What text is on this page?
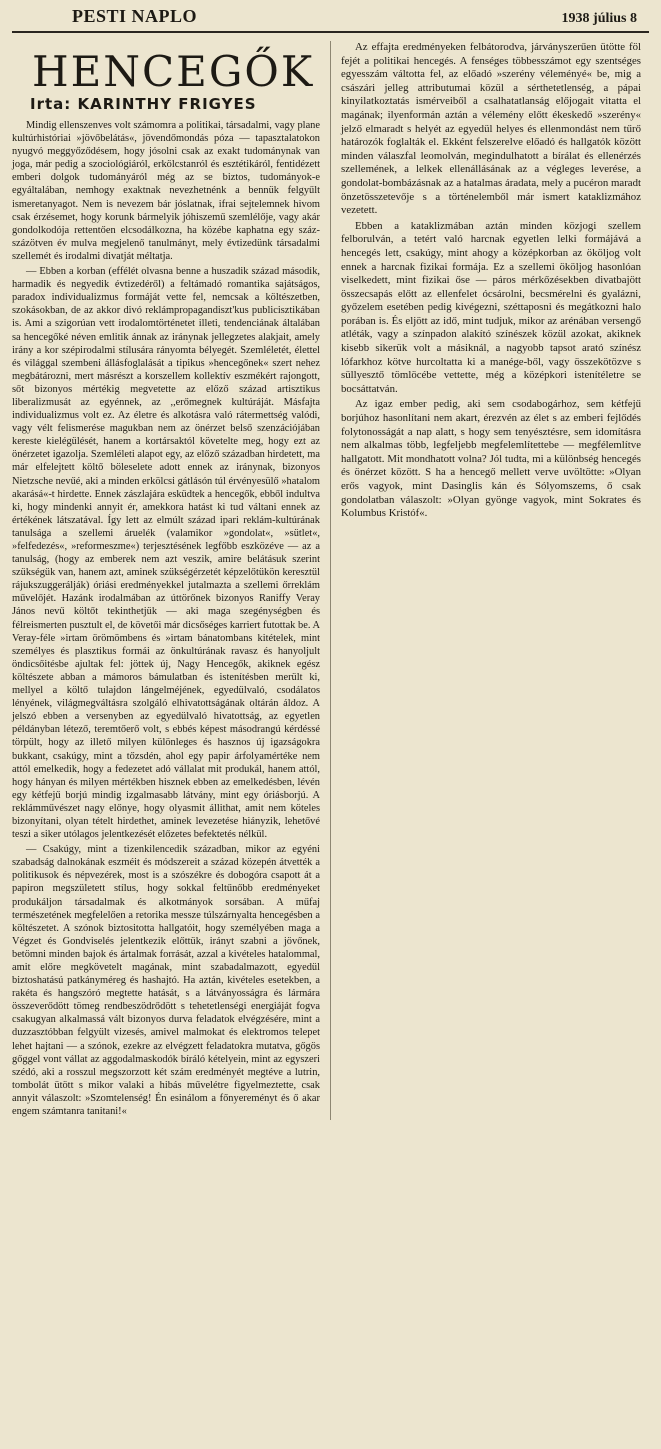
PESTI NAPLO	1938 július 8
HENCEGŐK
Irta: KARINTHY FRIGYES

Mindig ellenszenves volt számomra a politikai, társadalmi, vagy plane kultúrhistóriai »jövőbelátás«, jövendőmondás póza — tapasztalatokon nyugvó meggyőződésem, hogy jósolni csak az exakt tudománynak van joga, már pedig a szociológiáról, erkölcstanról és esztétikáról, fentidézett emberi dolgok tudományáról még az se biztos, tudományok-e egyáltalában, nemhogy exaktnak nevezhetnénk a bennük felgyűlt ismeretanyagot. Nem is nevezem bár jóslatnak, ifrai sejtelemnek hivom csak érzésemet, hogy korunk bármelyik jóhiszemű szemlélője, vagy akár gondolkodója rettentően elcsodálkozna, ha közébe kaphatna egy száz-százötven év mulva megjelenő tanulmányt, mely évtizedünk társadalmi szellemét és irodalmi divatját méltatja.

— Ebben a korban (effélét olvasna benne a huszadik század második, harmadik és negyedik évtizedéről) a feltámadó romantika sajátságos, paradox individualizmus formáját vette fel, nemcsak a költészetben, szokásokban, de az akkor divó reklámpropagandiszt'kus publicisztikában is. Ami a szigorúan vett irodalomtörténetet illeti, tendenciának általában sa hencegőké néven emlitik ánnak az iránynak jellegzetes alakjait, amely irány a kor szépirodalmi stílusára rányomta bélyegét. Szemléletét, élettel és világgal szembeni állásfoglalását a tipikus »hencegőnek« szert nehez megbátározni, mert másrészt a korszellem kollektív eszmékért rajongott, sőt bizonyos mértékig megvetette az előző század artisztikus liberalizmusát az egyénnek, az ,,erőmegnek kultúráját. Másfajta individualizmus volt ez. Az életre és alkotásra való rátermettség valódi, vagy vélt felismerése magukban nem az önérzet belső szenzációjában kereste kielégülését, hanem a kortársaktól követelte meg, hogy ezt az önérzetet igazolja. Szemléleti alapot egy, az előző században hirdetett, ma már elfelejtett költő böleselete adott ennek az iránynak, bizonyos Nietzsche nevűé, aki a minden erkölcsi gátlásón túl érvényesülő »hatalom akarásá«-t hirdette. Ennek zászlajára esküdtek a hencegők, ebből indultva ki, hogy mindenki annyit ér, amekkora hatást ki tud váltani ennek az értékének látszatával. Így lett az elmúlt század ipari reklám-kultúrának tanulsága a szellemi áruelék (valamikor »gondolat«, »sütlet«, »felfedezés«, »reformeszme«) terjesztésének legfőbb eszközéve — az a tanulság, (hogy az emberek nem azt veszik, amire belátásuk szerint szükségük van, hanem azt, aminek szükségérzetét képzelőtükön keresztül rájukszuggerálják) óriási eredményekkel jutalmazta a szellemi őrreklám művelőjét. Hazánk irodalmában az úttörőnek bizonyos Raniffy Veray János nevű költőt tekinthetjük — aki maga szegénységben és félreismerten pusztult el, de követői már dicsőséges karriert futottak be. A Veray-féle »irtam örömömbens és »irtam bánatombans kitételek, mint személyes és plasztikus formái az önkultúrának ravasz és hanyoljult öndicsőitésbe ajultak fel: jöttek új, Nagy Hencegők, akiknek egész költészete abban a mámoros bámulatban és istenítésben merült ki, mellyel a költő tulajdon lángelméjének, egyedülvaló, csodálatos lényének, világmegváltásra szolgáló elhivatottságának oltárán áldoz. A jelszó ebben a versenyben az egyedülvaló hivatottság, az egyetlen példányban létező, teremtőerő volt, s ebbés képest másodrangú kérdéssé törpült, hogy az illető milyen különleges és hasznos új igazságokra bukkant, csakúgy, mint a tőzsdén, ahol egy papir árfolyamértéke nem attól emelkedik, hogy a fedezetet adó vállalat mit produkál, hanem attól, hogy hányan és milyen mértékben hisznek ebben az emelkedésben, lévén egy kétfejű borjú mindig izgalmasabb látvány, mint egy óriásborjú. A reklámművészet nagy előnye, hogy olyasmit állithat, amit nem köteles bizonyítani, olyan tételt hirdethet, aminek levezetése hiányzik, lehetővé teszi a siker utólagos jelentkezését előzetes befektetés nélkül.

— Csakúgy, mint a tizenkilencedik században, mikor az egyéni szabadság dalnokának eszméit és módszereit a század közepén átvették a politikusok és népvezérek, most is a szószékre és dobogóra csapott át a papiron megszületett stílus, hogy sokkal feltűnőbb eredményeket produkáljon társadalmak és alkotmányok sorsában. A műfaj természetének megfelelően a retorika messze túlszárnyalta hencegésben a költészetet. A szónok biztositotta hallgatóit, hogy személyében maga a Végzet és Gondviselés jelentkezik előttük, irányt szabni a jövőnek, betömni minden bajok és ártalmak forrását, azzal a kivételes hatalommal, amit előre megkövetelt magának, mint szabadalmazott, egyedül biztoshatású patkányméreg és hashajtó. Ha aztán, kivételes esetekben, a rakéta és hangszóró megtette hatását, s a látványosságra és lármára összeverődött tömeg rendbeszödrődött s tehetetlenségi energiáját fogva csakugyan alkalmassá vált bizonyos durva feladatok elvégzésére, mint a duzzasztóbban felgyült vizesés, amivel malmokat és elektromos telepet lehet hajtani — a szónok, ezekre az elvégzett feladatokra mutatva, gőgös gőggel vont vállat az aggodalmaskodók bíráló kételyein, mint az egyszeri szédó, aki a rosszul megszorzott két szám eredményét megtéve a lutrin, tombolát ütött s mikor valaki a hibás művelétre figyelmeztette, csak annyit válaszolt: »Szomtelenség! Én esinálom a főnyereményt és ő akar engem számtanra tanitani!«

Az effajta eredményeken felbátorodva, járványszerűen ütötte föl fejét a politikai hencegés. A fenséges többesszámot egy szentséges egyesszám váltotta fel, az előadó »szerény véleményé« be, mig a császári jelleg attributumai közül a sérthetetlenség, a pápai kinyilatkoztatás ismérveiből a csalhatatlanság előjogait vitatta el magának; ilyenformán aztán a vélemény előtt ékeskedő »szerény« jelző elmaradt s helyét az egyedül helyes és ellenmondást nem tűrő határozók foglalták el. Ekként felszerelve előadó és hallgatók között minden válaszfal leomolván, megindulhatott a bírálat és ellenérzés szellemének, a lelkek ellenállásának az a végleges leverése, a gondolat-bombázásnak az a hatalmas áradata, mely a pucéron maradt önzetösszetevője s a történelemből már ismert kataklizmához vezetett.

Ebben a kataklizmában aztán minden közjogi szellem felborulván, a tetért való harcnak egyetlen lelki formájává a hencegés lett, csakúgy, mint ahogy a középkorban az ököljog volt ennek a harcnak fizikai formája. Ez a szellemi ököljog hasonlóan viselkedett, mint fizikai őse — páros mérkőzésekben divatbajött összecsapás előtt az ellenfelet ócsárolni, becsmérelni és gyalázni, győzelem esetében pedig kivégezni, széttaposni és megátkozni halo porában is. És eljött az idő, mint tudjuk, mikor az arénában versengő atléták, vagy a színpadon alakító színészek közül azokat, akiknek kisebb sikerük volt a másiknál, a nagyobb tapsot arató színész lófarkhoz kötve hurcoltatta ki a manége-ből, vagy összekötözve s süllyesztő tömlöcébe vettette, még a középkori istenítéletre se bocsáttatván.

Az igaz ember pedig, aki sem csodabogárhoz, sem kétfejű borjúhoz hasonlítani nem akart, érezvén az élet s az emberi fejlődés folytonosságát a nap alatt, s hogy sem tenyésztésre, sem idomításra nem alkalmas több, legfeljebb megfelemlítettebe — megfélemlítve hallgatott. Mit mondhatott volna? Jól tudta, mi a különbség hencegés és önérzet között. S ha a hencegő mellett verve uvöltötte: »Olyan erős vagyok, mint Dasinglis kán és Sólyomszems, ő csak gondolatban válaszolt: »Olyan gyönge vagyok, mint Sokrates és Kolumbus Kristóf«.
